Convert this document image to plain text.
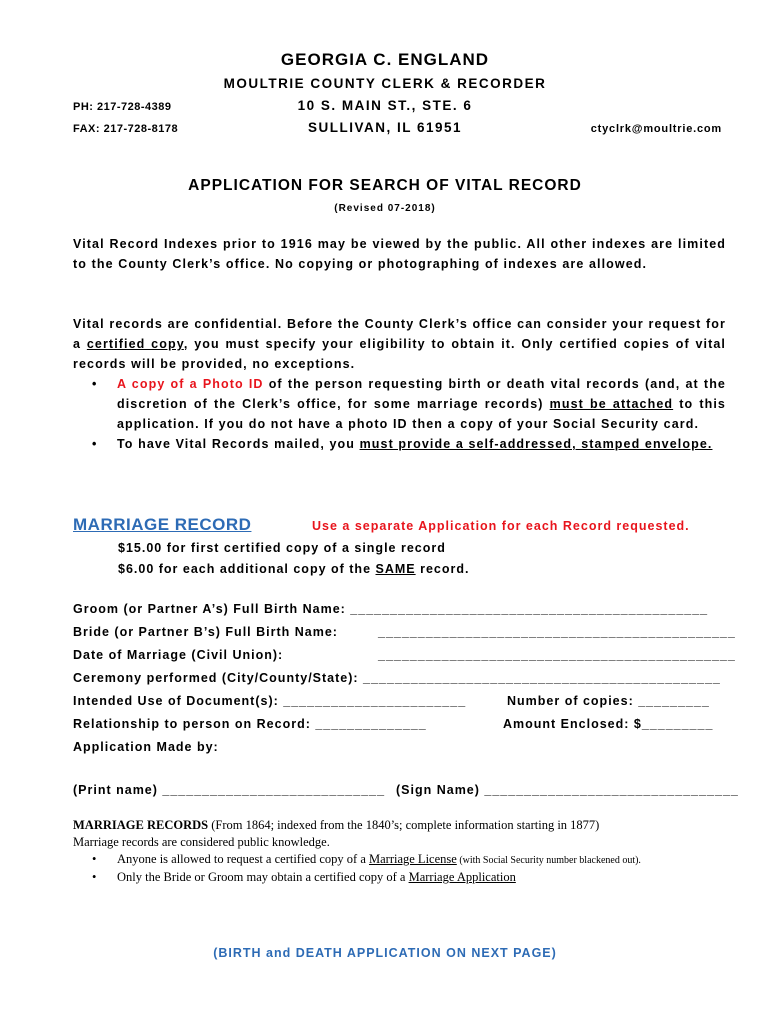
GEORGIA C. ENGLAND
MOULTRIE COUNTY CLERK & RECORDER
10 S. MAIN ST., STE. 6
SULLIVAN, IL 61951
PH: 217-728-4389
FAX: 217-728-8178	ctyclrk@moultrie.com
APPLICATION FOR SEARCH OF VITAL RECORD
(Revised 07-2018)

Vital Record Indexes prior to 1916 may be viewed by the public. All other indexes are limited to the County Clerk’s office. No copying or photographing of indexes are allowed.

Vital records are confidential. Before the County Clerk’s office can consider your request for a certified copy, you must specify your eligibility to obtain it. Only certified copies of vital records will be provided, no exceptions.

• A copy of a Photo ID of the person requesting birth or death vital records (and, at the discretion of the Clerk’s office, for some marriage records) must be attached to this application. If you do not have a photo ID then a copy of your Social Security card.
• To have Vital Records mailed, you must provide a self-addressed, stamped envelope.
MARRIAGE RECORD	Use a separate Application for each Record requested.
$15.00 for first certified copy of a single record
$6.00 for each additional copy of the SAME record.
Groom (or Partner A’s) Full Birth Name: _____________________________________________
Bride (or Partner B’s) Full Birth Name:	_____________________________________________
Date of Marriage (Civil Union):	_____________________________________________
Ceremony performed (City/County/State): _____________________________________________
Intended Use of Document(s): _______________________	Number of copies: _________
Relationship to person on Record: ______________	Amount Enclosed: $_________
Application Made by:
(Print name) ____________________________ (Sign Name) ________________________________

MARRIAGE RECORDS (From 1864; indexed from the 1840’s; complete information starting in 1877)

Marriage records are considered public knowledge.

• Anyone is allowed to request a certified copy of a Marriage License (with Social Security number blackened out).
• Only the Bride or Groom may obtain a certified copy of a Marriage Application
(BIRTH and DEATH APPLICATION ON NEXT PAGE)
